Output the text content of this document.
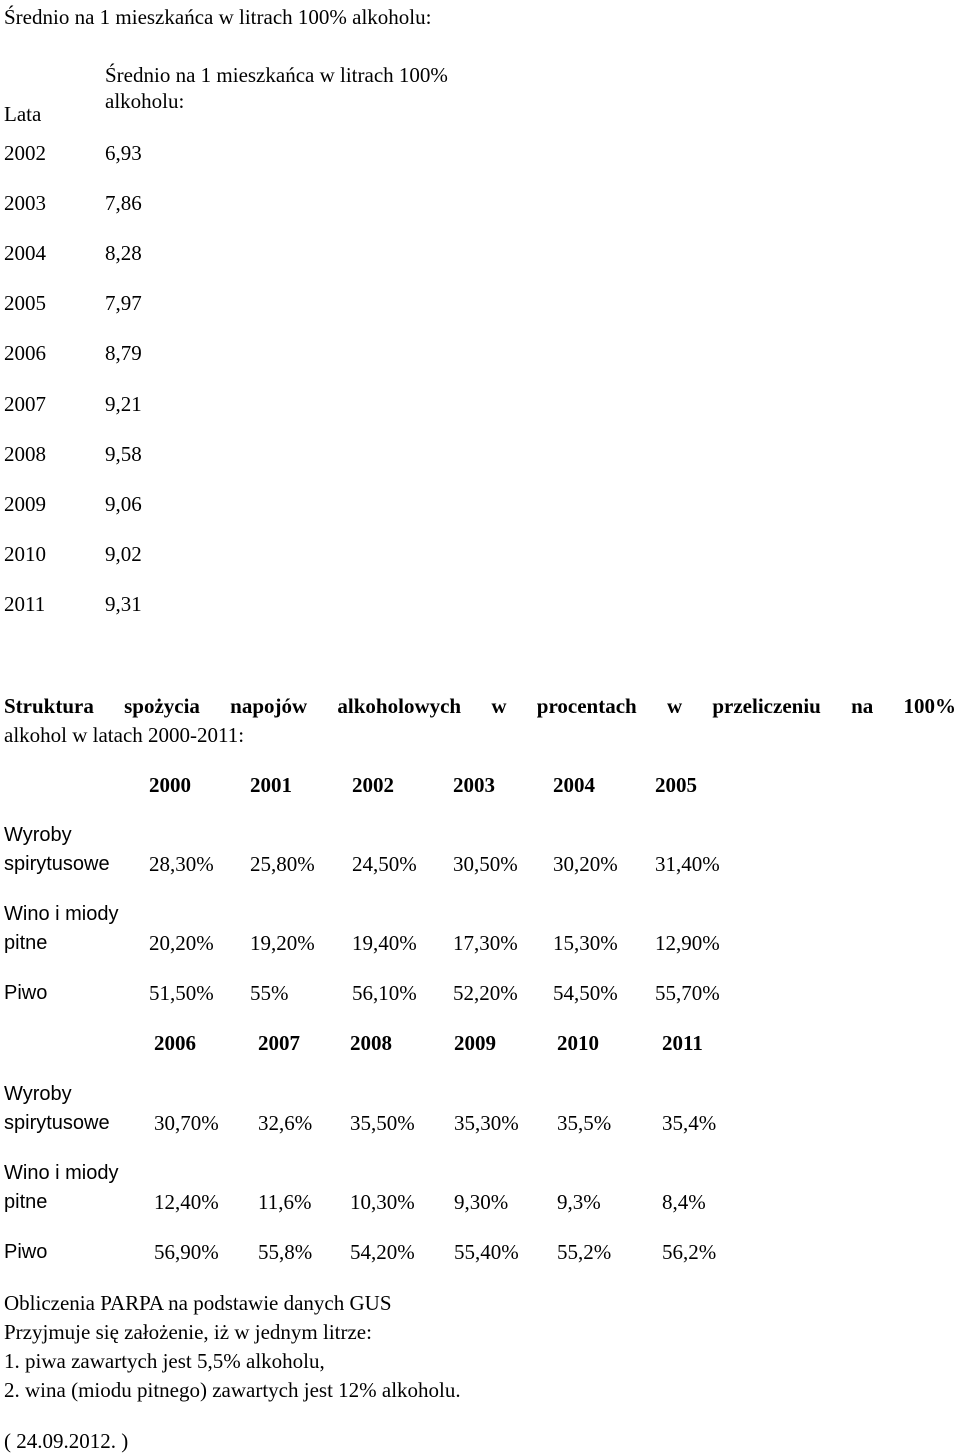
Średnio na 1 mieszkańca w litrach 100% alkoholu:
Lata
Średnio na 1 mieszkańca w litrach 100%
alkoholu:
2002	6,93
2003	7,86
2004	8,28
2005	7,97
2006	8,79
2007	9,21
2008	9,58
2009	9,06
2010	9,02
2011	9,31
Struktura spożycia napojów alkoholowych w procentach w przeliczeniu na 100%
alkohol w latach 2000-2011:
2000	2001	2002	2003	2004	2005
Wyroby
spirytusowe 28,30% 25,80% 24,50% 30,50% 30,20% 31,40%
Wino i miody
pitne	20,20% 19,20% 19,40% 17,30% 15,30% 12,90%
Piwo	51,50% 55%	56,10% 52,20% 54,50% 55,70%
2006	2007 2008	2009	2010	2011
Wyroby
spirytusowe 30,70% 32,6% 35,50% 35,30% 35,5% 35,4%
Wino i miody
pitne	12,40% 11,6% 10,30% 9,30% 9,3%	8,4%
Piwo	56,90% 55,8% 54,20% 55,40% 55,2% 56,2%
Obliczenia PARPA na podstawie danych GUS
Przyjmuje się założenie, iż w jednym litrze:
1. piwa zawartych jest 5,5% alkoholu,
2. wina (miodu pitnego) zawartych jest 12% alkoholu.
( 24.09.2012. )
